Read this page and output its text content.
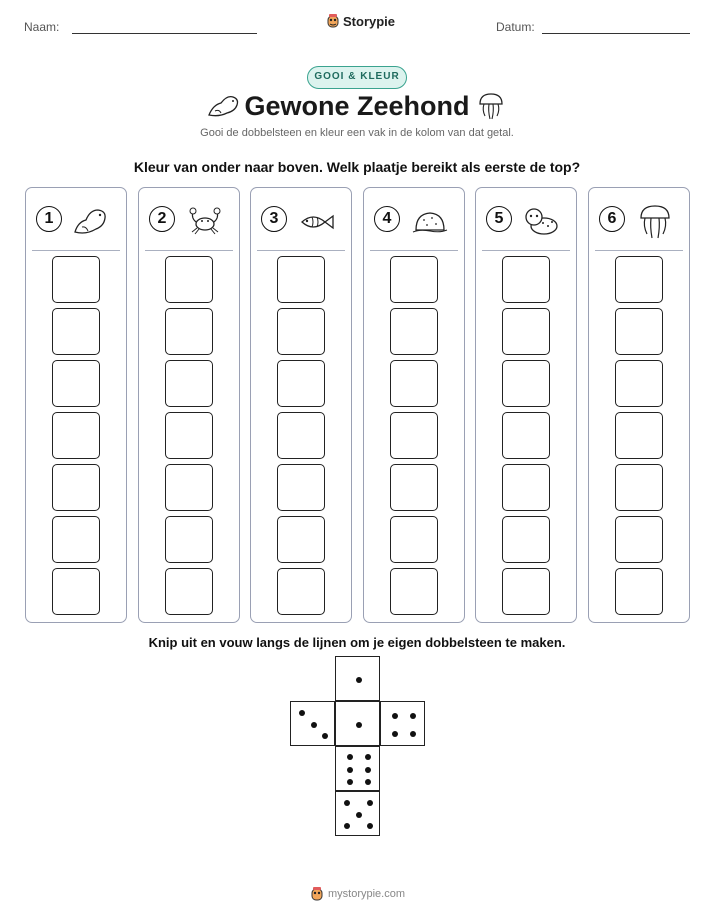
Naam:	Storypie	Datum:
GOOI & KLEUR
Gewone Zeehond
Gooi de dobbelsteen en kleur een vak in de kolom van dat getal.
Kleur van onder naar boven. Welk plaatje bereikt als eerste de top?
1	2	3	4	5	6
Knip uit en vouw langs de lijnen om je eigen dobbelsteen te maken.
mystorypie.com
